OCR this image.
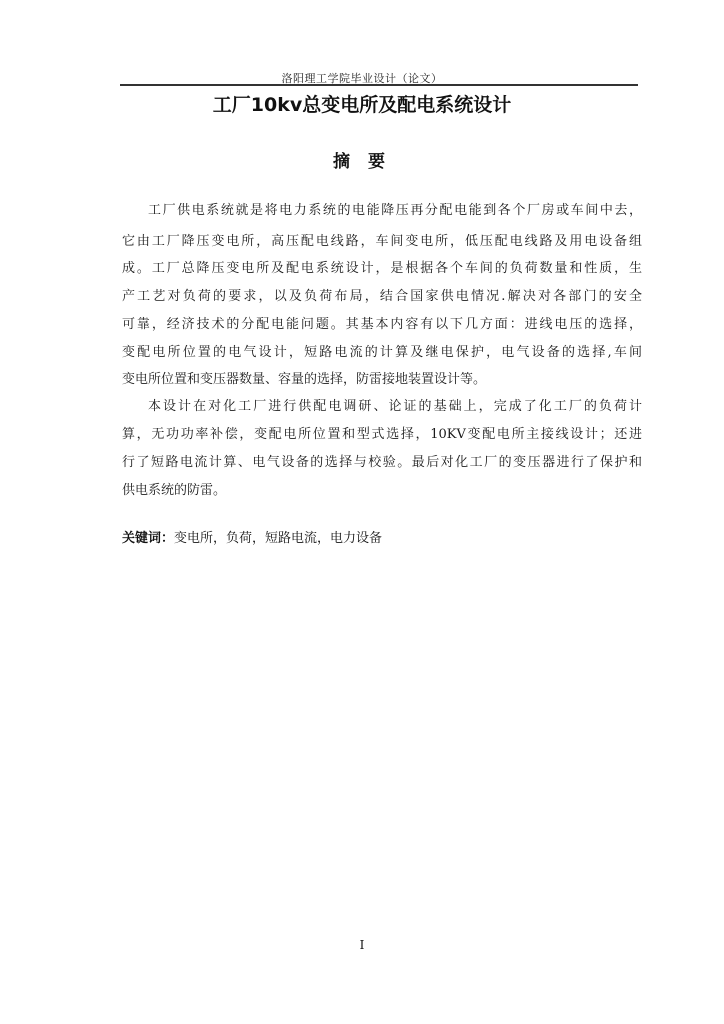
洛阳理工学院毕业设计（论文）
工厂10kv总变电所及配电系统设计
摘 要
工厂供电系统就是将电力系统的电能降压再分配电能到各个厂房或车间中去，
它由工厂降压变电所，高压配电线路，车间变电所，低压配电线路及用电设备组
成。工厂总降压变电所及配电系统设计，是根据各个车间的负荷数量和性质，生
产工艺对负荷的要求，以及负荷布局，结合国家供电情况.解决对各部门的安全
可靠，经济技术的分配电能问题。其基本内容有以下几方面：进线电压的选择，
变配电所位置的电气设计，短路电流的计算及继电保护，电气设备的选择,车间
变电所位置和变压器数量、容量的选择，防雷接地装置设计等。
本设计在对化工厂进行供配电调研、论证的基础上，完成了化工厂的负荷计
算，无功功率补偿，变配电所位置和型式选择，10KV变配电所主接线设计；还进
行了短路电流计算、电气设备的选择与校验。最后对化工厂的变压器进行了保护和
供电系统的防雷。
关键词：变电所，负荷，短路电流，电力设备
I
